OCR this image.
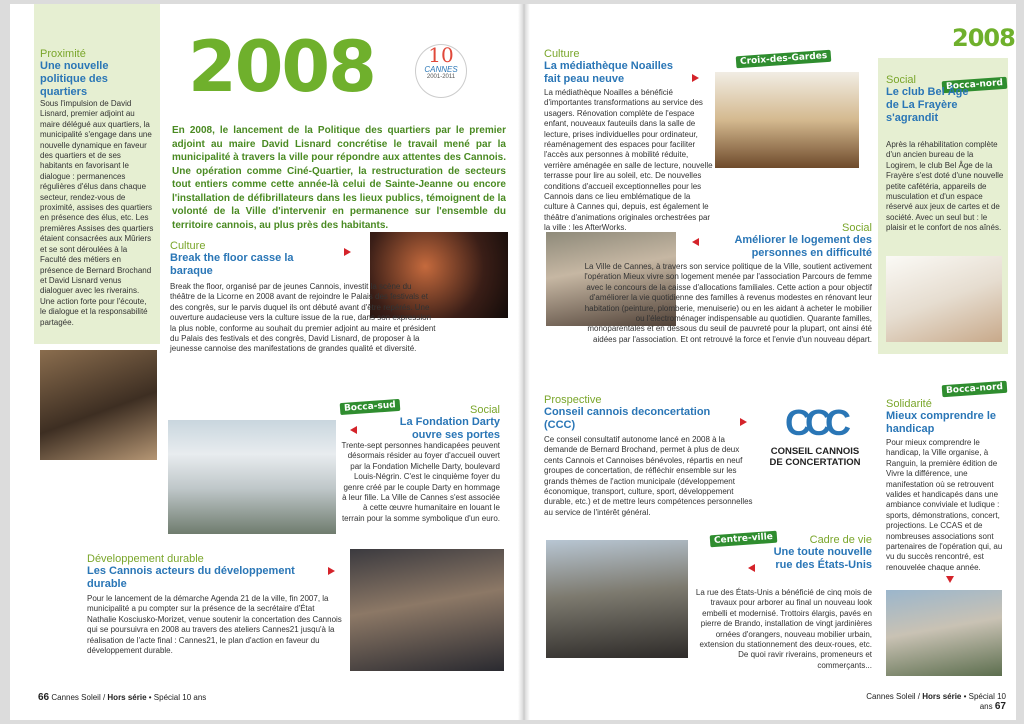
Proximité
Une nouvelle politique des quartiers
Sous l'impulsion de David Lisnard, premier adjoint au maire délégué aux quartiers, la municipalité s'engage dans une nouvelle dynamique en faveur des quartiers et de ses habitants en favorisant le dialogue : permanences régulières d'élus dans chaque secteur, rendez-vous de proximité, assises des quartiers en présence des élus, etc. Les premières Assises des quartiers étaient consacrées aux Mûriers et se sont déroulées à la Faculté des métiers en présence de Bernard Brochand et David Lisnard venus dialoguer avec les riverains. Une action forte pour l'écoute, le dialogue et la responsabilité partagée.
2008	10
CANNES
2001-2011
En 2008, le lancement de la Politique des quartiers par le premier adjoint au maire David Lisnard concrétise le travail mené par la municipalité à travers la ville pour répondre aux attentes des Cannois. Une opération comme Ciné-Quartier, la restructuration de secteurs tout entiers comme cette année-là celui de Sainte-Jeanne ou encore l'installation de défibrillateurs dans les lieux publics, témoignent de la volonté de la Ville d'intervenir en permanence sur l'ensemble du territoire cannois, au plus près des habitants.
Culture
Break the floor casse la baraque
Break the floor, organisé par de jeunes Cannois, investit la scène du théâtre de la Licorne en 2008 avant de rejoindre le Palais des festivals et des congrès, sur le parvis duquel ils ont débuté avant d'être repérés. Une ouverture audacieuse vers la culture issue de la rue, dans son expression la plus noble, conforme au souhait du premier adjoint au maire et président du Palais des festivals et des congrès, David Lisnard, de proposer à la jeunesse cannoise des manifestations de grandes qualité et diversité.
Bocca-sud	Social
La Fondation Darty ouvre ses portes
Trente-sept personnes handicapées peuvent désormais résider au foyer d'accueil ouvert par la Fondation Michelle Darty, boulevard Louis-Négrin. C'est le cinquième foyer du genre créé par le couple Darty en hommage à leur fille. La Ville de Cannes s'est associée à cette œuvre humanitaire en louant le terrain pour la somme symbolique d'un euro.
Développement durable
Les Cannois acteurs du développement durable
Pour le lancement de la démarche Agenda 21 de la ville, fin 2007, la municipalité a pu compter sur la présence de la secrétaire d'État Nathalie Kosciusko-Morizet, venue soutenir la concertation des Cannois qui se poursuivra en 2008 au travers des ateliers Cannes21 jusqu'à la réalisation de l'acte final : Cannes21, le plan d'action en faveur du développement durable.
66 Cannes Soleil / Hors série • Spécial 10 ans
Culture
La médiathèque Noailles fait peau neuve
Croix-des-Gardes
La médiathèque Noailles a bénéficié d'importantes transformations au service des usagers. Rénovation complète de l'espace enfant, nouveaux fauteuils dans la salle de lecture, prises individuelles pour ordinateur, réaménagement des espaces pour faciliter l'accès aux personnes à mobilité réduite, verrière aménagée en salle de lecture, nouvelle terrasse pour lire au soleil, etc. De nouvelles conditions d'accueil exceptionnelles pour les Cannois dans ce lieu emblématique de la culture à Cannes qui, depuis, est également le théâtre d'animations originales orchestrées par la ville : les AfterWorks.
2008
Bocca-nord
Social
Le club Bel Âge de La Frayère s'agrandit
Après la réhabilitation complète d'un ancien bureau de la Logirem, le club Bel Âge de la Frayère s'est doté d'une nouvelle petite cafétéria, appareils de musculation et d'un espace réservé aux jeux de cartes et de société. Avec un seul but : le plaisir et le confort de nos aînés.
Social
Améliorer le logement des personnes en difficulté
La Ville de Cannes, à travers son service politique de la Ville, soutient activement l'opération Mieux vivre son logement menée par l'association Parcours de femme avec le concours de la caisse d'allocations familiales. Cette action a pour objectif d'améliorer la vie quotidienne des familles à revenus modestes en rénovant leur habitation (peinture, plomberie, menuiserie) ou en les aidant à acheter le mobilier ou l'électroménager indispensable au quotidien. Quarante familles, monoparentales et en dessous du seuil de pauvreté pour la plupart, ont ainsi été aidées par l'association. Et ont retrouvé la force et l'envie d'un nouveau départ.
Prospective
Conseil cannois deconcertation (CCC)
Ce conseil consultatif autonome lancé en 2008 à la demande de Bernard Brochand, permet à plus de deux cents Cannois et Cannoises bénévoles, répartis en neuf groupes de concertation, de réfléchir ensemble sur les grands thèmes de l'action municipale (développement économique, transport, culture, sport, développement durable, etc.) et de mettre leurs compétences personnelles au service de l'intérêt général.
CCC
CONSEIL CANNOIS
DE CONCERTATION
Bocca-nord
Solidarité
Mieux comprendre le handicap
Pour mieux comprendre le handicap, la Ville organise, à Ranguin, la première édition de Vivre la différence, une manifestation où se retrouvent valides et handicapés dans une ambiance conviviale et ludique : sports, démonstrations, concert, projections. Le CCAS et de nombreuses associations sont partenaires de l'opération qui, au vu du succès rencontré, est renouvelée chaque année.
Centre-ville	Cadre de vie
Une toute nouvelle rue des États-Unis
La rue des États-Unis a bénéficié de cinq mois de travaux pour arborer au final un nouveau look embelli et modernisé. Trottoirs élargis, pavés en pierre de Brando, installation de vingt jardinières ornées d'orangers, nouveau mobilier urbain, extension du stationnement des deux-roues, etc. De quoi ravir riverains, promeneurs et commerçants...
Cannes Soleil / Hors série • Spécial 10 ans 67
